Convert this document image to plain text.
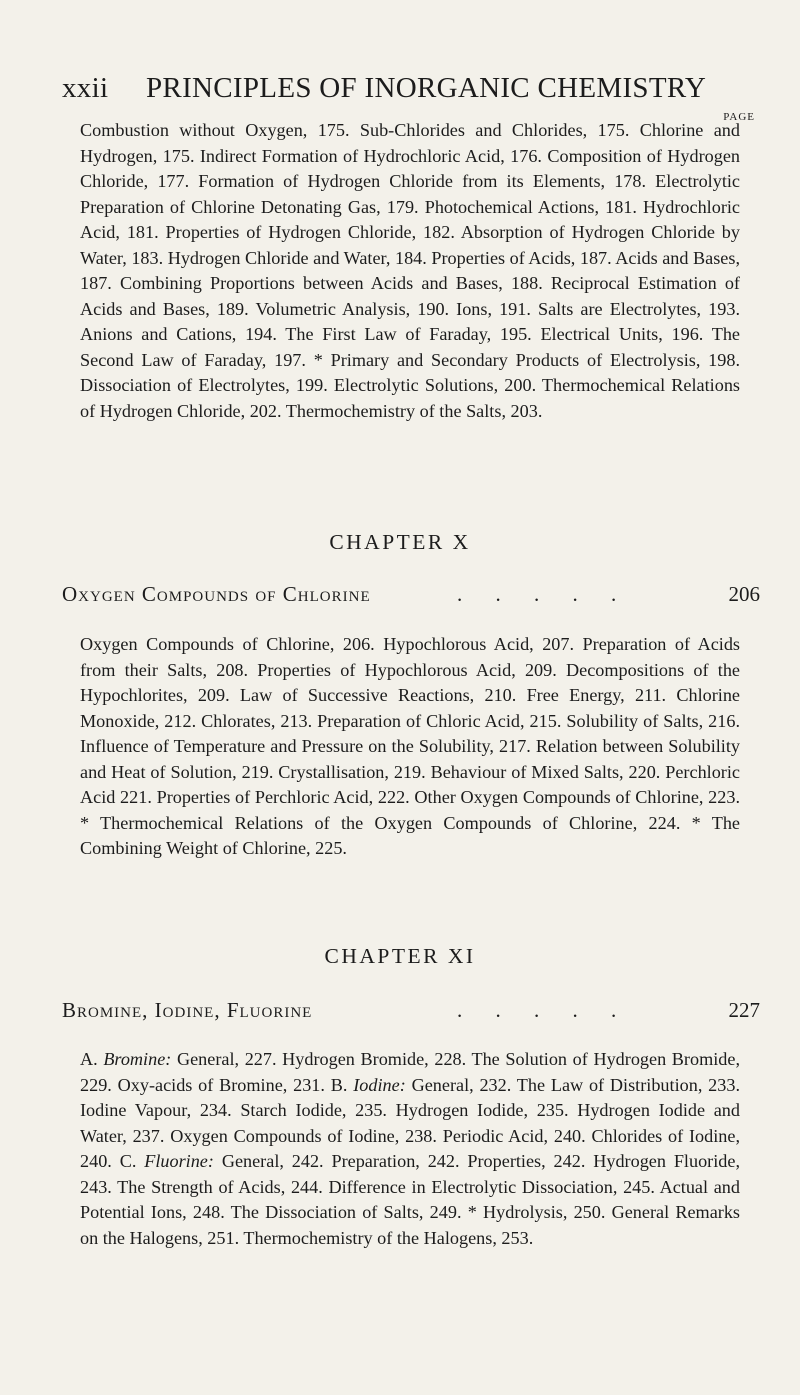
xxii PRINCIPLES OF INORGANIC CHEMISTRY
PAGE

Combustion without Oxygen, 175. Sub-Chlorides and Chlorides, 175. Chlorine and Hydrogen, 175. Indirect Formation of Hydrochloric Acid, 176. Composition of Hydrogen Chloride, 177. Formation of Hydrogen Chloride from its Elements, 178. Electrolytic Preparation of Chlorine Detonating Gas, 179. Photochemical Actions, 181. Hydrochloric Acid, 181. Properties of Hydrogen Chloride, 182. Absorption of Hydrogen Chloride by Water, 183. Hydrogen Chloride and Water, 184. Properties of Acids, 187. Acids and Bases, 187. Combining Proportions between Acids and Bases, 188. Reciprocal Estimation of Acids and Bases, 189. Volumetric Analysis, 190. Ions, 191. Salts are Electrolytes, 193. Anions and Cations, 194. The First Law of Faraday, 195. Electrical Units, 196. The Second Law of Faraday, 197. * Primary and Secondary Products of Electrolysis, 198. Dissociation of Electrolytes, 199. Electrolytic Solutions, 200. Thermochemical Relations of Hydrogen Chloride, 202. Thermochemistry of the Salts, 203.

CHAPTER X
Oxygen Compounds of Chlorine	. . . . .	206

Oxygen Compounds of Chlorine, 206. Hypochlorous Acid, 207. Preparation of Acids from their Salts, 208. Properties of Hypochlorous Acid, 209. Decompositions of the Hypochlorites, 209. Law of Successive Reactions, 210. Free Energy, 211. Chlorine Monoxide, 212. Chlorates, 213. Preparation of Chloric Acid, 215. Solubility of Salts, 216. Influence of Temperature and Pressure on the Solubility, 217. Relation between Solubility and Heat of Solution, 219. Crystallisation, 219. Behaviour of Mixed Salts, 220. Perchloric Acid 221. Properties of Perchloric Acid, 222. Other Oxygen Compounds of Chlorine, 223. * Thermochemical Relations of the Oxygen Compounds of Chlorine, 224. * The Combining Weight of Chlorine, 225.

CHAPTER XI
Bromine, Iodine, Fluorine	. . . . .	227

A. Bromine: General, 227. Hydrogen Bromide, 228. The Solution of Hydrogen Bromide, 229. Oxy-acids of Bromine, 231. B. Iodine: General, 232. The Law of Distribution, 233. Iodine Vapour, 234. Starch Iodide, 235. Hydrogen Iodide, 235. Hydrogen Iodide and Water, 237. Oxygen Compounds of Iodine, 238. Periodic Acid, 240. Chlorides of Iodine, 240. C. Fluorine: General, 242. Preparation, 242. Properties, 242. Hydrogen Fluoride, 243. The Strength of Acids, 244. Difference in Electrolytic Dissociation, 245. Actual and Potential Ions, 248. The Dissociation of Salts, 249. * Hydrolysis, 250. General Remarks on the Halogens, 251. Thermochemistry of the Halogens, 253.
